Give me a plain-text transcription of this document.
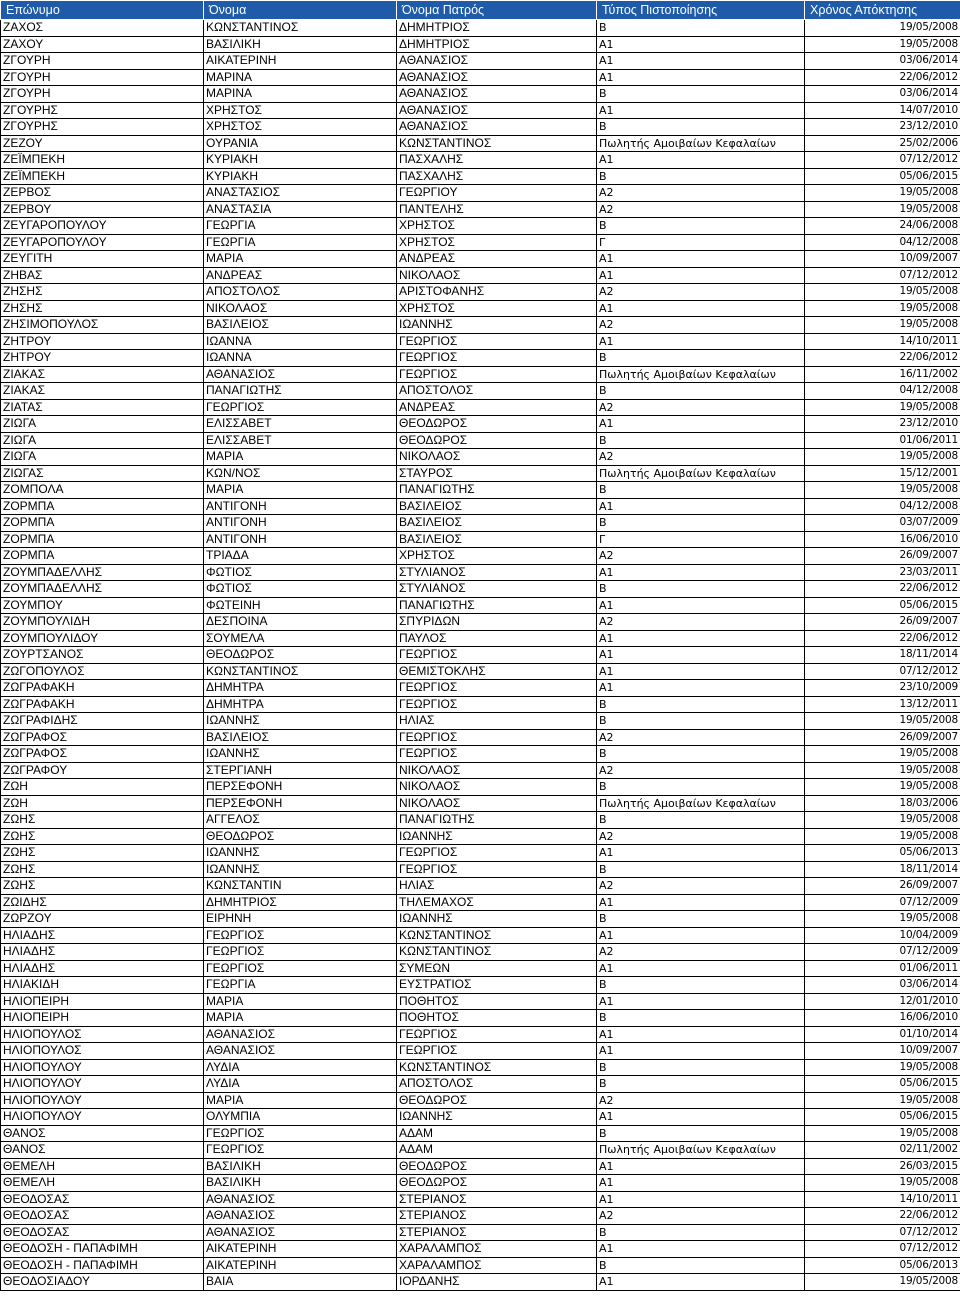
Επώνυμο	Όνομα	Όνομα Πατρός	Τύπος Πιστοποίησης	Χρόνος Απόκτησης
ΖΑΧΟΣ	ΚΩΝΣΤΑΝΤΙΝΟΣ	ΔΗΜΗΤΡΙΟΣ	Β	19/05/2008
ΖΑΧΟΥ	ΒΑΣΙΛΙΚΗ	ΔΗΜΗΤΡΙΟΣ	Α1	19/05/2008
ΖΓΟΥΡΗ	ΑΙΚΑΤΕΡΙΝΗ	ΑΘΑΝΑΣΙΟΣ	Α1	03/06/2014
ΖΓΟΥΡΗ	ΜΑΡΙΝΑ	ΑΘΑΝΑΣΙΟΣ	Α1	22/06/2012
ΖΓΟΥΡΗ	ΜΑΡΙΝΑ	ΑΘΑΝΑΣΙΟΣ	Β	03/06/2014
ΖΓΟΥΡΗΣ	ΧΡΗΣΤΟΣ	ΑΘΑΝΑΣΙΟΣ	Α1	14/07/2010
ΖΓΟΥΡΗΣ	ΧΡΗΣΤΟΣ	ΑΘΑΝΑΣΙΟΣ	Β	23/12/2010
ΖΕΖΟΥ	ΟΥΡΑΝΙΑ	ΚΩΝΣΤΑΝΤΙΝΟΣ	Πωλητής Αμοιβαίων Κεφαλαίων	25/02/2006
ΖΕΪΜΠΕΚΗ	ΚΥΡΙΑΚΗ	ΠΑΣΧΑΛΗΣ	Α1	07/12/2012
ΖΕΪΜΠΕΚΗ	ΚΥΡΙΑΚΗ	ΠΑΣΧΑΛΗΣ	Β	05/06/2015
ΖΕΡΒΟΣ	ΑΝΑΣΤΑΣΙΟΣ	ΓΕΩΡΓΙΟΥ	Α2	19/05/2008
ΖΕΡΒΟΥ	ΑΝΑΣΤΑΣΙΑ	ΠΑΝΤΕΛΗΣ	Α2	19/05/2008
ΖΕΥΓΑΡΟΠΟΥΛΟΥ	ΓΕΩΡΓΙΑ	ΧΡΗΣΤΟΣ	Β	24/06/2008
ΖΕΥΓΑΡΟΠΟΥΛΟΥ	ΓΕΩΡΓΙΑ	ΧΡΗΣΤΟΣ	Γ	04/12/2008
ΖΕΥΓΙΤΗ	ΜΑΡΙΑ	ΑΝΔΡΕΑΣ	Α1	10/09/2007
ΖΗΒΑΣ	ΑΝΔΡΕΑΣ	ΝΙΚΟΛΑΟΣ	Α1	07/12/2012
ΖΗΣΗΣ	ΑΠΟΣΤΟΛΟΣ	ΑΡΙΣΤΟΦΑΝΗΣ	Α2	19/05/2008
ΖΗΣΗΣ	ΝΙΚΟΛΑΟΣ	ΧΡΗΣΤΟΣ	Α1	19/05/2008
ΖΗΣΙΜΟΠΟΥΛΟΣ	ΒΑΣΙΛΕΙΟΣ	ΙΩΑΝΝΗΣ	Α2	19/05/2008
ΖΗΤΡΟΥ	ΙΩΑΝΝΑ	ΓΕΩΡΓΙΟΣ	Α1	14/10/2011
ΖΗΤΡΟΥ	ΙΩΑΝΝΑ	ΓΕΩΡΓΙΟΣ	Β	22/06/2012
ΖΙΑΚΑΣ	ΑΘΑΝΑΣΙΟΣ	ΓΕΩΡΓΙΟΣ	Πωλητής Αμοιβαίων Κεφαλαίων	16/11/2002
ΖΙΑΚΑΣ	ΠΑΝΑΓΙΩΤΗΣ	ΑΠΟΣΤΟΛΟΣ	Β	04/12/2008
ΖΙΑΤΑΣ	ΓΕΩΡΓΙΟΣ	ΑΝΔΡΕΑΣ	Α2	19/05/2008
ΖΙΩΓΑ	ΕΛΙΣΣΑΒΕΤ	ΘΕΟΔΩΡΟΣ	Α1	23/12/2010
ΖΙΩΓΑ	ΕΛΙΣΣΑΒΕΤ	ΘΕΟΔΩΡΟΣ	Β	01/06/2011
ΖΙΩΓΑ	ΜΑΡΙΑ	ΝΙΚΟΛΑΟΣ	Α2	19/05/2008
ΖΙΩΓΑΣ	ΚΩΝ/ΝΟΣ	ΣΤΑΥΡΟΣ	Πωλητής Αμοιβαίων Κεφαλαίων	15/12/2001
ΖΟΜΠΟΛΑ	ΜΑΡΙΑ	ΠΑΝΑΓΙΩΤΗΣ	Β	19/05/2008
ΖΟΡΜΠΑ	ΑΝΤΙΓΟΝΗ	ΒΑΣΙΛΕΙΟΣ	Α1	04/12/2008
ΖΟΡΜΠΑ	ΑΝΤΙΓΟΝΗ	ΒΑΣΙΛΕΙΟΣ	Β	03/07/2009
ΖΟΡΜΠΑ	ΑΝΤΙΓΟΝΗ	ΒΑΣΙΛΕΙΟΣ	Γ	16/06/2010
ΖΟΡΜΠΑ	ΤΡΙΑΔΑ	ΧΡΗΣΤΟΣ	Α2	26/09/2007
ΖΟΥΜΠΑΔΕΛΛΗΣ	ΦΩΤΙΟΣ	ΣΤΥΛΙΑΝΟΣ	Α1	23/03/2011
ΖΟΥΜΠΑΔΕΛΛΗΣ	ΦΩΤΙΟΣ	ΣΤΥΛΙΑΝΟΣ	Β	22/06/2012
ΖΟΥΜΠΟΥ	ΦΩΤΕΙΝΗ	ΠΑΝΑΓΙΩΤΗΣ	Α1	05/06/2015
ΖΟΥΜΠΟΥΛΙΔΗ	ΔΕΣΠΟΙΝΑ	ΣΠΥΡΙΔΩΝ	Α2	26/09/2007
ΖΟΥΜΠΟΥΛΙΔΟΥ	ΣΟΥΜΕΛΑ	ΠΑΥΛΟΣ	Α1	22/06/2012
ΖΟΥΡΤΣΑΝΟΣ	ΘΕΟΔΩΡΟΣ	ΓΕΩΡΓΙΟΣ	Α1	18/11/2014
ΖΩΓΟΠΟΥΛΟΣ	ΚΩΝΣΤΑΝΤΙΝΟΣ	ΘΕΜΙΣΤΟΚΛΗΣ	Α1	07/12/2012
ΖΩΓΡΑΦΑΚΗ	ΔΗΜΗΤΡΑ	ΓΕΩΡΓΙΟΣ	Α1	23/10/2009
ΖΩΓΡΑΦΑΚΗ	ΔΗΜΗΤΡΑ	ΓΕΩΡΓΙΟΣ	Β	13/12/2011
ΖΩΓΡΑΦΙΔΗΣ	ΙΩΑΝΝΗΣ	ΗΛΙΑΣ	Β	19/05/2008
ΖΩΓΡΑΦΟΣ	ΒΑΣΙΛΕΙΟΣ	ΓΕΩΡΓΙΟΣ	Α2	26/09/2007
ΖΩΓΡΑΦΟΣ	ΙΩΑΝΝΗΣ	ΓΕΩΡΓΙΟΣ	Β	19/05/2008
ΖΩΓΡΑΦΟΥ	ΣΤΕΡΓΙΑΝΗ	ΝΙΚΟΛΑΟΣ	Α2	19/05/2008
ΖΩΗ	ΠΕΡΣΕΦΟΝΗ	ΝΙΚΟΛΑΟΣ	Β	19/05/2008
ΖΩΗ	ΠΕΡΣΕΦΟΝΗ	ΝΙΚΟΛΑΟΣ	Πωλητής Αμοιβαίων Κεφαλαίων	18/03/2006
ΖΩΗΣ	ΑΓΓΕΛΟΣ	ΠΑΝΑΓΙΩΤΗΣ	Β	19/05/2008
ΖΩΗΣ	ΘΕΟΔΩΡΟΣ	ΙΩΑΝΝΗΣ	Α2	19/05/2008
ΖΩΗΣ	ΙΩΑΝΝΗΣ	ΓΕΩΡΓΙΟΣ	Α1	05/06/2013
ΖΩΗΣ	ΙΩΑΝΝΗΣ	ΓΕΩΡΓΙΟΣ	Β	18/11/2014
ΖΩΗΣ	ΚΩΝΣΤΑΝΤΙΝ	ΗΛΙΑΣ	Α2	26/09/2007
ΖΩΙΔΗΣ	ΔΗΜΗΤΡΙΟΣ	ΤΗΛΕΜΑΧΟΣ	Α1	07/12/2009
ΖΩΡΖΟΥ	ΕΙΡΗΝΗ	ΙΩΑΝΝΗΣ	Β	19/05/2008
ΗΛΙΑΔΗΣ	ΓΕΩΡΓΙΟΣ	ΚΩΝΣΤΑΝΤΙΝΟΣ	Α1	10/04/2009
ΗΛΙΑΔΗΣ	ΓΕΩΡΓΙΟΣ	ΚΩΝΣΤΑΝΤΙΝΟΣ	Α2	07/12/2009
ΗΛΙΑΔΗΣ	ΓΕΩΡΓΙΟΣ	ΣΥΜΕΩΝ	Α1	01/06/2011
ΗΛΙΑΚΙΔΗ	ΓΕΩΡΓΙΑ	ΕΥΣΤΡΑΤΙΟΣ	Β	03/06/2014
ΗΛΙΟΠΕΙΡΗ	ΜΑΡΙΑ	ΠΟΘΗΤΟΣ	Α1	12/01/2010
ΗΛΙΟΠΕΙΡΗ	ΜΑΡΙΑ	ΠΟΘΗΤΟΣ	Β	16/06/2010
ΗΛΙΟΠΟΥΛΟΣ	ΑΘΑΝΑΣΙΟΣ	ΓΕΩΡΓΙΟΣ	Α1	01/10/2014
ΗΛΙΟΠΟΥΛΟΣ	ΑΘΑΝΑΣΙΟΣ	ΓΕΩΡΓΙΟΣ	Α1	10/09/2007
ΗΛΙΟΠΟΥΛΟΥ	ΛΥΔΙΑ	ΚΩΝΣΤΑΝΤΙΝΟΣ	Β	19/05/2008
ΗΛΙΟΠΟΥΛΟΥ	ΛΥΔΙΑ	ΑΠΟΣΤΟΛΟΣ	Β	05/06/2015
ΗΛΙΟΠΟΥΛΟΥ	ΜΑΡΙΑ	ΘΕΟΔΩΡΟΣ	Α2	19/05/2008
ΗΛΙΟΠΟΥΛΟΥ	ΟΛΥΜΠΙΑ	ΙΩΑΝΝΗΣ	Α1	05/06/2015
ΘΑΝΟΣ	ΓΕΩΡΓΙΟΣ	ΑΔΑΜ	Β	19/05/2008
ΘΑΝΟΣ	ΓΕΩΡΓΙΟΣ	ΑΔΑΜ	Πωλητής Αμοιβαίων Κεφαλαίων	02/11/2002
ΘΕΜΕΛΗ	ΒΑΣΙΛΙΚΗ	ΘΕΟΔΩΡΟΣ	Α1	26/03/2015
ΘΕΜΕΛΗ	ΒΑΣΙΛΙΚΗ	ΘΕΟΔΩΡΟΣ	Α1	19/05/2008
ΘΕΟΔΟΣΑΣ	ΑΘΑΝΑΣΙΟΣ	ΣΤΕΡΙΑΝΟΣ	Α1	14/10/2011
ΘΕΟΔΟΣΑΣ	ΑΘΑΝΑΣΙΟΣ	ΣΤΕΡΙΑΝΟΣ	Α2	22/06/2012
ΘΕΟΔΟΣΑΣ	ΑΘΑΝΑΣΙΟΣ	ΣΤΕΡΙΑΝΟΣ	Β	07/12/2012
ΘΕΟΔΟΣΗ - ΠΑΠΑΦΙΜΗ	ΑΙΚΑΤΕΡΙΝΗ	ΧΑΡΑΛΑΜΠΟΣ	Α1	07/12/2012
ΘΕΟΔΟΣΗ - ΠΑΠΑΦΙΜΗ	ΑΙΚΑΤΕΡΙΝΗ	ΧΑΡΑΛΑΜΠΟΣ	Β	05/06/2013
ΘΕΟΔΟΣΙΑΔΟΥ	ΒΑΙΑ	ΙΟΡΔΑΝΗΣ	Α1	19/05/2008
